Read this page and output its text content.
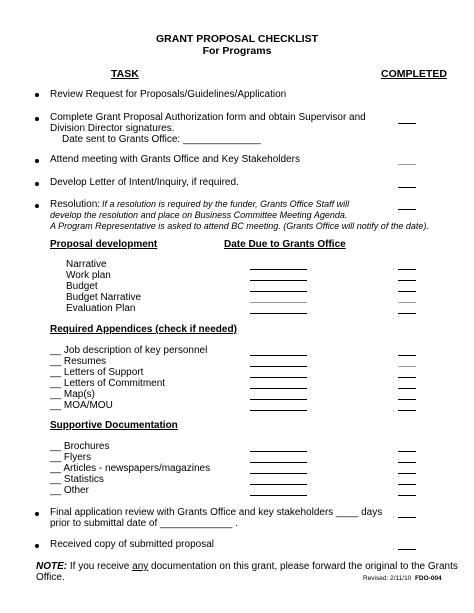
GRANT PROPOSAL CHECKLIST
For Programs
TASK	COMPLETED
Review Request for Proposals/Guidelines/Application
Complete Grant Proposal Authorization form and obtain Supervisor and
Division Director signatures.
Date sent to Grants Office: ______________
Attend meeting with Grants Office and Key Stakeholders
Develop Letter of Intent/Inquiry, if required.
Resolution: If a resolution is required by the funder, Grants Office Staff will
develop the resolution and place on Business Committee Meeting Agenda.
A Program Representative is asked to attend BC meeting. (Grants Office will notify of the date).
Proposal development	Date Due to Grants Office
Narrative
Work plan
Budget
Budget Narrative
Evaluation Plan
Required Appendices (check if needed)
__ Job description of key personnel
__ Resumes
__ Letters of Support
__ Letters of Commitment
__ Map(s)
__ MOA/MOU
Supportive Documentation
__ Brochures
__ Flyers
__ Articles - newspapers/magazines
__ Statistics
__ Other
Final application review with Grants Office and key stakeholders ____ days
prior to submittal date of _____________ .
Received copy of submitted proposal
NOTE: If you receive any documentation on this grant, please forward the original to the Grants
Office.	Revised: 2/11/10 FDO-004
